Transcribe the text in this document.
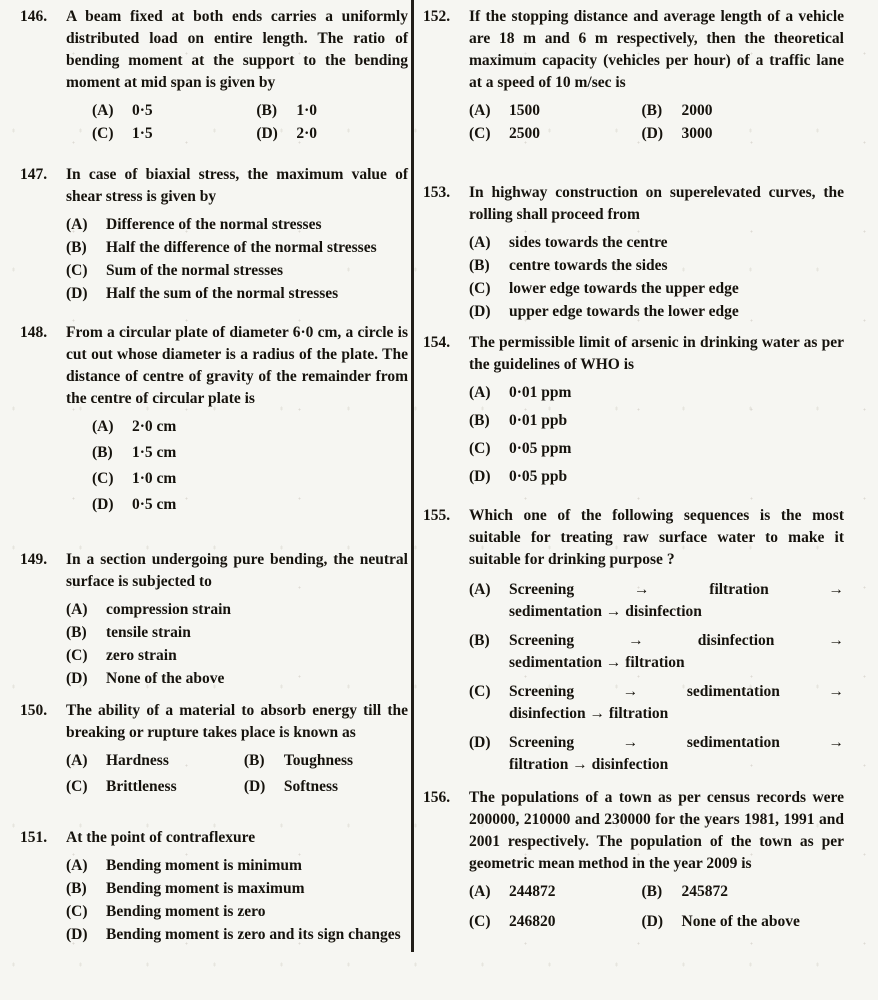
146.	A beam fixed at both ends carries a uniformly distributed load on entire length. The ratio of bending moment at the support to the bending moment at mid span is given by
(A)	0·5	(B)	1·0
(C)	1·5	(D)	2·0
147.	In case of biaxial stress, the maximum value of shear stress is given by
(A)	Difference of the normal stresses
(B)	Half the difference of the normal stresses
(C)	Sum of the normal stresses
(D)	Half the sum of the normal stresses
148.	From a circular plate of diameter 6·0 cm, a circle is cut out whose diameter is a radius of the plate. The distance of centre of gravity of the remainder from the centre of circular plate is
(A)	2·0 cm
(B)	1·5 cm
(C)	1·0 cm
(D)	0·5 cm
149.	In a section undergoing pure bending, the neutral surface is subjected to
(A)	compression strain
(B)	tensile strain
(C)	zero strain
(D)	None of the above
150.	The ability of a material to absorb energy till the breaking or rupture takes place is known as
(A)	Hardness	(B)	Toughness
(C)	Brittleness	(D)	Softness
151.	At the point of contraflexure
(A)	Bending moment is minimum
(B)	Bending moment is maximum
(C)	Bending moment is zero
(D)	Bending moment is zero and its sign changes
152.	If the stopping distance and average length of a vehicle are 18 m and 6 m respectively, then the theoretical maximum capacity (vehicles per hour) of a traffic lane at a speed of 10 m/sec is
(A)	1500	(B)	2000
(C)	2500	(D)	3000
153.	In highway construction on superelevated curves, the rolling shall proceed from
(A)	sides towards the centre
(B)	centre towards the sides
(C)	lower edge towards the upper edge
(D)	upper edge towards the lower edge
154.	The permissible limit of arsenic in drinking water as per the guidelines of WHO is
(A)	0·01 ppm
(B)	0·01 ppb
(C)	0·05 ppm
(D)	0·05 ppb
155.	Which one of the following sequences is the most suitable for treating raw surface water to make it suitable for drinking purpose ?
(A)	Screening → filtration →
sedimentation → disinfection
(B)	Screening → disinfection →
sedimentation → filtration
(C)	Screening → sedimentation →
disinfection → filtration
(D)	Screening → sedimentation →
filtration → disinfection
156.	The populations of a town as per census records were 200000, 210000 and 230000 for the years 1981, 1991 and 2001 respectively. The population of the town as per geometric mean method in the year 2009 is
(A)	244872	(B)	245872
(C)	246820	(D)	None of the above
